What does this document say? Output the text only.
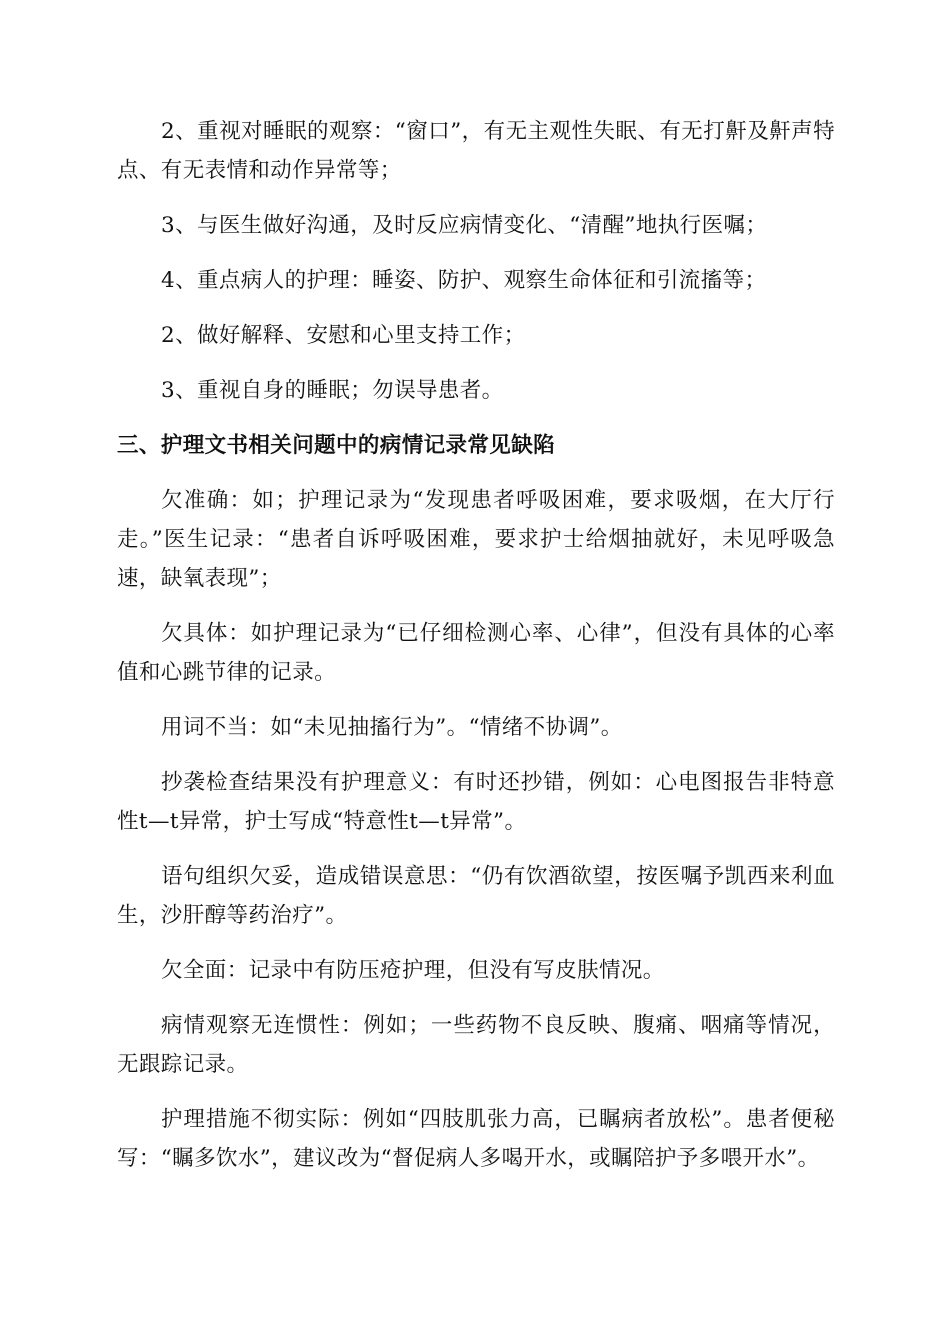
2、重视对睡眠的观察：“窗口”，有无主观性失眠、有无打鼾及鼾声特点、有无表情和动作异常等；

3、与医生做好沟通，及时反应病情变化、“清醒”地执行医嘱；

4、重点病人的护理：睡姿、防护、观察生命体征和引流搐等；

2、做好解释、安慰和心里支持工作；

3、重视自身的睡眠；勿误导患者。

三、护理文书相关问题中的病情记录常见缺陷

欠准确：如；护理记录为“发现患者呼吸困难，要求吸烟，在大厅行走。”医生记录：“患者自诉呼吸困难，要求护士给烟抽就好，未见呼吸急速，缺氧表现”；

欠具体：如护理记录为“已仔细检测心率、心律”，但没有具体的心率值和心跳节律的记录。

用词不当：如“未见抽搐行为”。“情绪不协调”。

抄袭检查结果没有护理意义：有时还抄错，例如：心电图报告非特意性t—t异常，护士写成“特意性t—t异常”。

语句组织欠妥，造成错误意思：“仍有饮酒欲望，按医嘱予凯西来利血生，沙肝醇等药治疗”。

欠全面：记录中有防压疮护理，但没有写皮肤情况。

病情观察无连惯性：例如；一些药物不良反映、腹痛、咽痛等情况，无跟踪记录。

护理措施不彻实际：例如“四肢肌张力高，已瞩病者放松”。患者便秘写：“瞩多饮水”，建议改为“督促病人多喝开水，或瞩陪护予多喂开水”。
